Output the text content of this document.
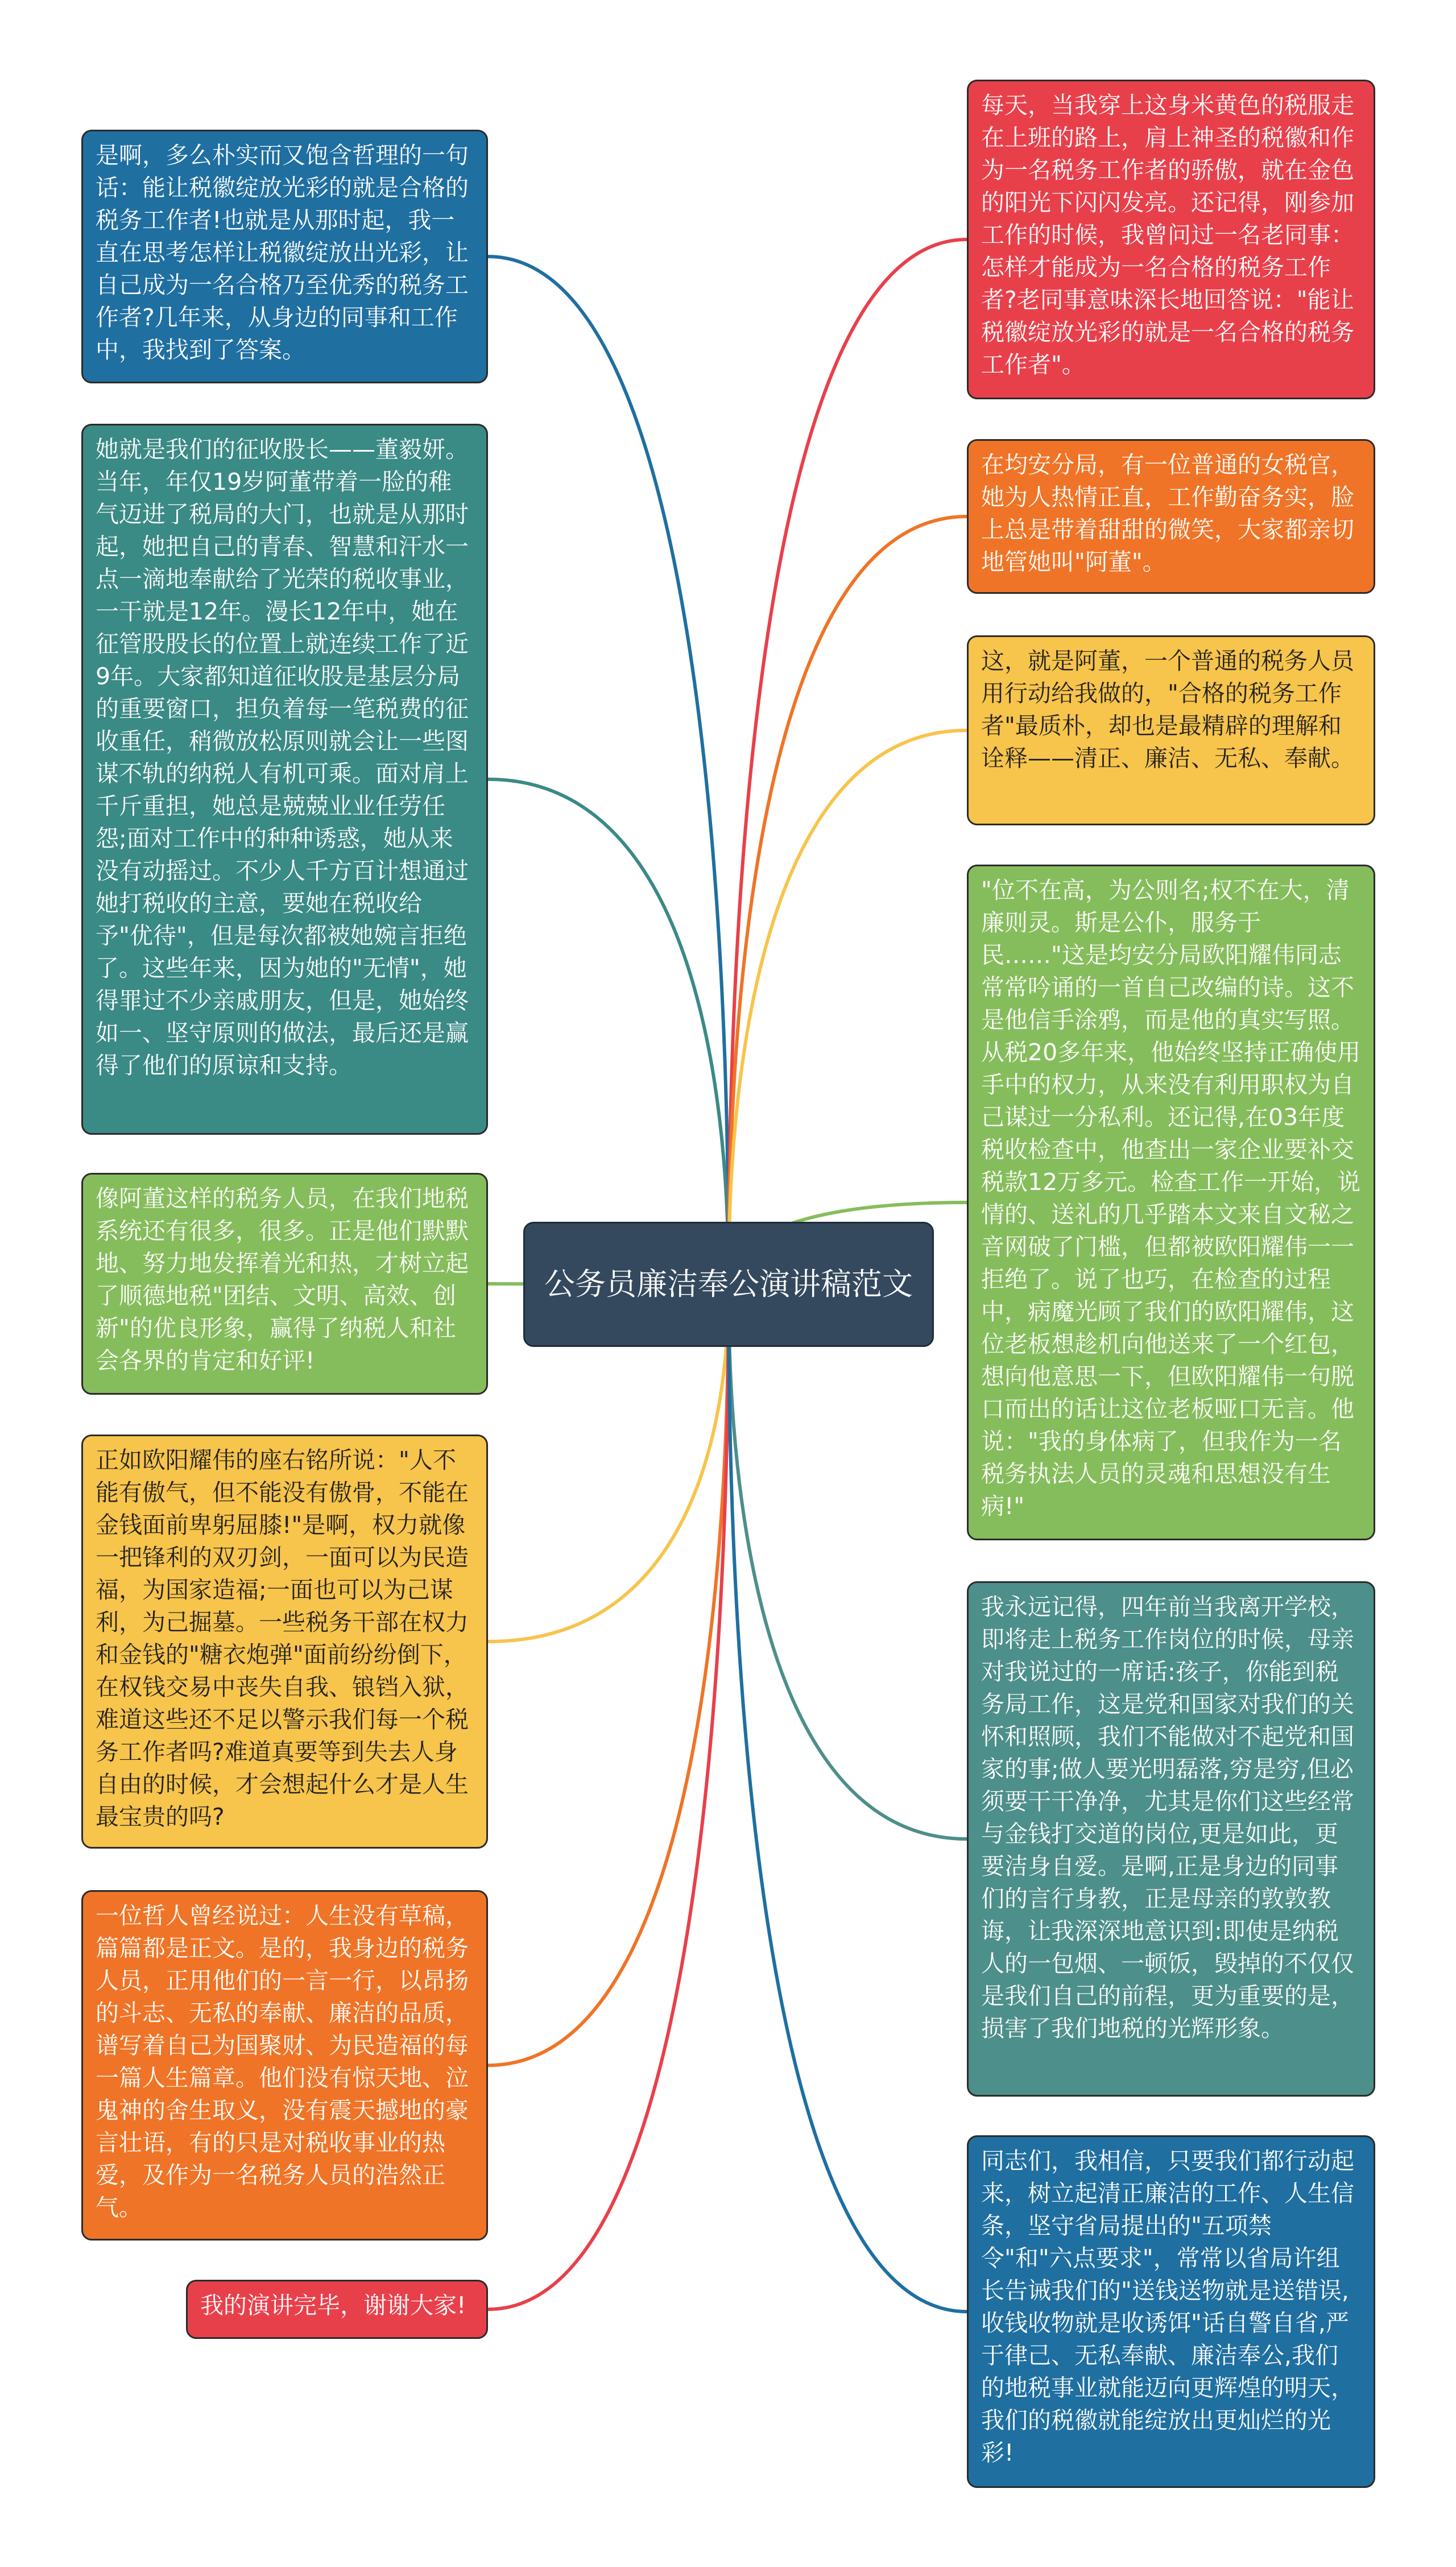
公务员廉洁奉公演讲稿范文
是啊，多么朴实而又饱含哲理的一句话：能让税徽绽放光彩的就是合格的税务工作者!也就是从那时起，我一直在思考怎样让税徽绽放出光彩，让自己成为一名合格乃至优秀的税务工作者?几年来，从身边的同事和工作中，我找到了答案。
她就是我们的征收股长——董毅妍。当年，年仅19岁阿董带着一脸的稚气迈进了税局的大门，也就是从那时起，她把自己的青春、智慧和汗水一点一滴地奉献给了光荣的税收事业，一干就是12年。漫长12年中，她在征管股股长的位置上就连续工作了近9年。大家都知道征收股是基层分局的重要窗口，担负着每一笔税费的征收重任，稍微放松原则就会让一些图谋不轨的纳税人有机可乘。面对肩上千斤重担，她总是兢兢业业任劳任怨;面对工作中的种种诱惑，她从来没有动摇过。不少人千方百计想通过她打税收的主意，要她在税收给予"优待"，但是每次都被她婉言拒绝了。这些年来，因为她的"无情"，她得罪过不少亲戚朋友，但是，她始终如一、坚守原则的做法，最后还是赢得了他们的原谅和支持。
像阿董这样的税务人员，在我们地税系统还有很多，很多。正是他们默默地、努力地发挥着光和热，才树立起了顺德地税"团结、文明、高效、创新"的优良形象，赢得了纳税人和社会各界的肯定和好评!
正如欧阳耀伟的座右铭所说："人不能有傲气，但不能没有傲骨，不能在金钱面前卑躬屈膝!"是啊，权力就像一把锋利的双刃剑，一面可以为民造福，为国家造福;一面也可以为己谋利，为己掘墓。一些税务干部在权力和金钱的"糖衣炮弹"面前纷纷倒下，在权钱交易中丧失自我、锒铛入狱，难道这些还不足以警示我们每一个税务工作者吗?难道真要等到失去人身自由的时候，才会想起什么才是人生最宝贵的吗?
一位哲人曾经说过：人生没有草稿，篇篇都是正文。是的，我身边的税务人员，正用他们的一言一行，以昂扬的斗志、无私的奉献、廉洁的品质，谱写着自己为国聚财、为民造福的每一篇人生篇章。他们没有惊天地、泣鬼神的舍生取义，没有震天撼地的豪言壮语，有的只是对税收事业的热爱，及作为一名税务人员的浩然正气。
我的演讲完毕，谢谢大家!
每天，当我穿上这身米黄色的税服走在上班的路上，肩上神圣的税徽和作为一名税务工作者的骄傲，就在金色的阳光下闪闪发亮。还记得，刚参加工作的时候，我曾问过一名老同事：怎样才能成为一名合格的税务工作者?老同事意味深长地回答说："能让税徽绽放光彩的就是一名合格的税务工作者"。
在均安分局，有一位普通的女税官，她为人热情正直，工作勤奋务实，脸上总是带着甜甜的微笑，大家都亲切地管她叫"阿董"。
这，就是阿董，一个普通的税务人员用行动给我做的，"合格的税务工作者"最质朴，却也是最精辟的理解和诠释——清正、廉洁、无私、奉献。
"位不在高，为公则名;权不在大，清廉则灵。斯是公仆，服务于民……"这是均安分局欧阳耀伟同志常常吟诵的一首自己改编的诗。这不是他信手涂鸦，而是他的真实写照。从税20多年来，他始终坚持正确使用手中的权力，从来没有利用职权为自己谋过一分私利。还记得,在03年度税收检查中，他查出一家企业要补交税款12万多元。检查工作一开始，说情的、送礼的几乎踏本文来自文秘之音网破了门槛，但都被欧阳耀伟一一拒绝了。说了也巧，在检查的过程中，病魔光顾了我们的欧阳耀伟，这位老板想趁机向他送来了一个红包，想向他意思一下，但欧阳耀伟一句脱口而出的话让这位老板哑口无言。他说："我的身体病了，但我作为一名税务执法人员的灵魂和思想没有生病!"
我永远记得，四年前当我离开学校，即将走上税务工作岗位的时候，母亲对我说过的一席话:孩子，你能到税务局工作，这是党和国家对我们的关怀和照顾，我们不能做对不起党和国家的事;做人要光明磊落,穷是穷,但必须要干干净净，尤其是你们这些经常与金钱打交道的岗位,更是如此，更要洁身自爱。是啊,正是身边的同事们的言行身教，正是母亲的敦敦教诲，让我深深地意识到:即使是纳税人的一包烟、一顿饭，毁掉的不仅仅是我们自己的前程，更为重要的是，损害了我们地税的光辉形象。
同志们，我相信，只要我们都行动起来，树立起清正廉洁的工作、人生信条，坚守省局提出的"五项禁令"和"六点要求"，常常以省局许组长告诫我们的"送钱送物就是送错误,收钱收物就是收诱饵"话自警自省,严于律己、无私奉献、廉洁奉公,我们的地税事业就能迈向更辉煌的明天，我们的税徽就能绽放出更灿烂的光彩!
